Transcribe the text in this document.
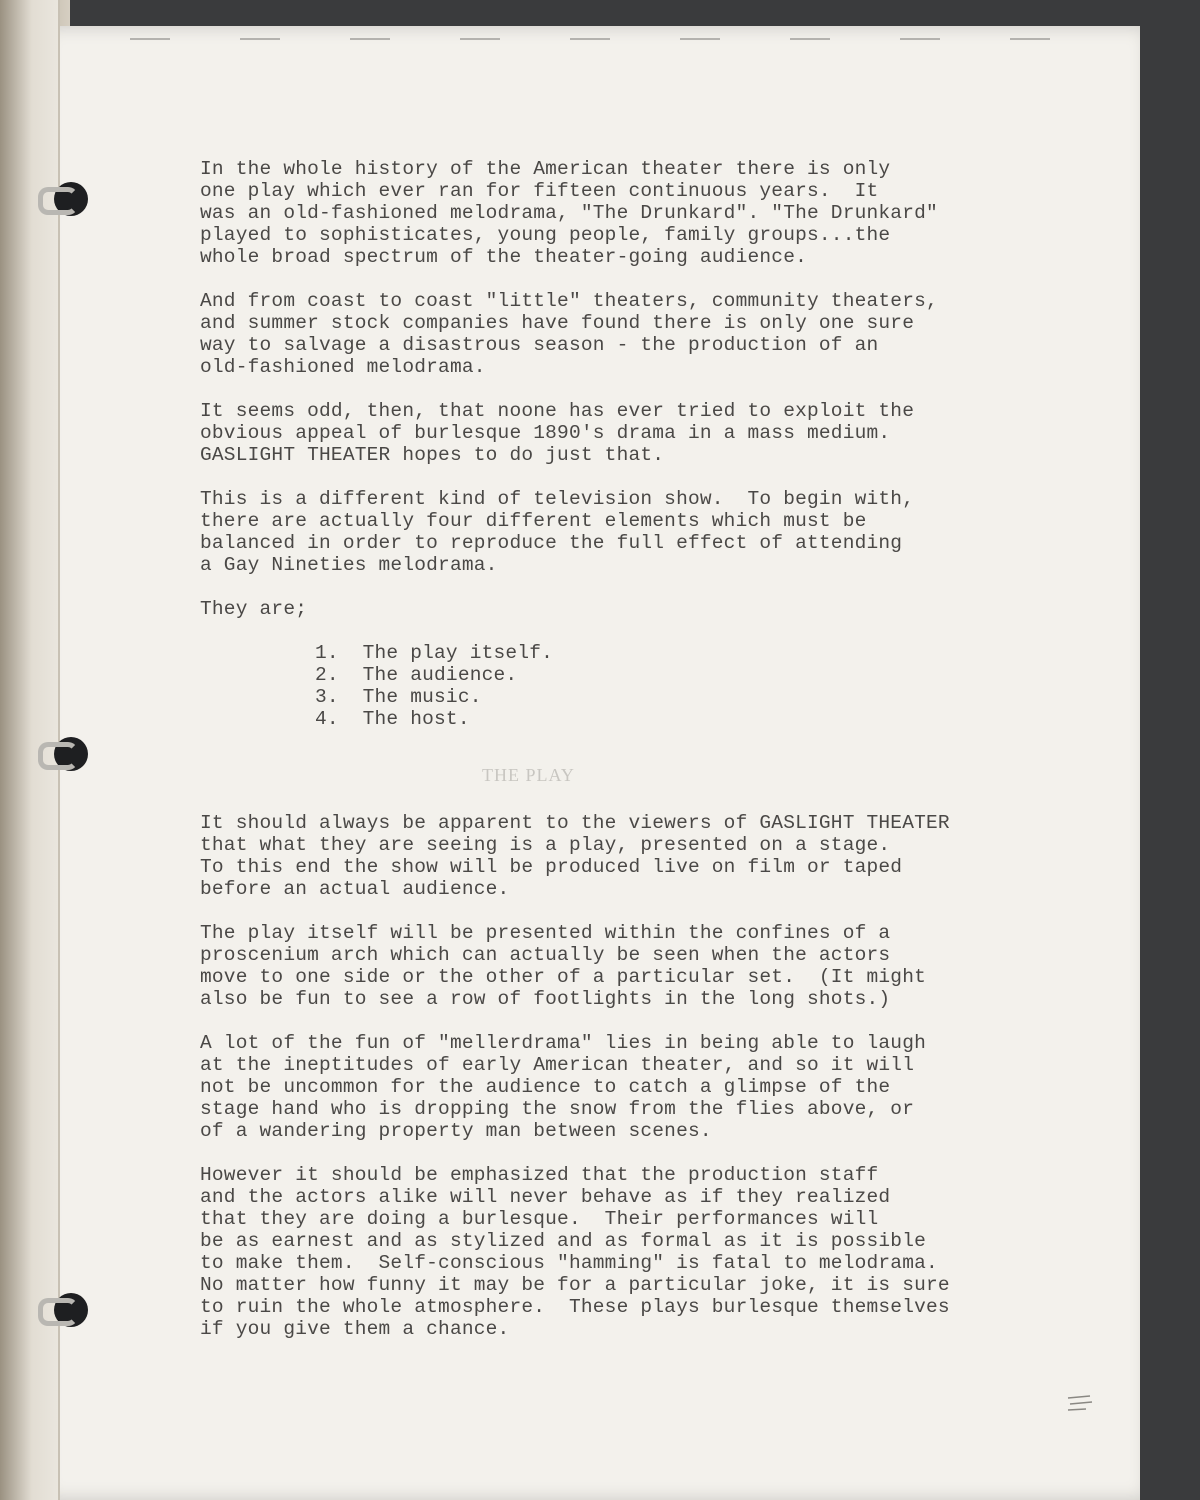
In the whole history of the American theater there is only
one play which ever ran for fifteen continuous years.  It
was an old-fashioned melodrama, "The Drunkard". "The Drunkard"
played to sophisticates, young people, family groups...the
whole broad spectrum of the theater-going audience.
And from coast to coast "little" theaters, community theaters,
and summer stock companies have found there is only one sure
way to salvage a disastrous season - the production of an
old-fashioned melodrama.
It seems odd, then, that noone has ever tried to exploit the
obvious appeal of burlesque 1890's drama in a mass medium.
GASLIGHT THEATER hopes to do just that.
This is a different kind of television show.  To begin with,
there are actually four different elements which must be
balanced in order to reproduce the full effect of attending
a Gay Nineties melodrama.
They are;
1.  The play itself.
2.  The audience.
3.  The music.
4.  The host.
THE PLAY
It should always be apparent to the viewers of GASLIGHT THEATER
that what they are seeing is a play, presented on a stage.
To this end the show will be produced live on film or taped
before an actual audience.
The play itself will be presented within the confines of a
proscenium arch which can actually be seen when the actors
move to one side or the other of a particular set.  (It might
also be fun to see a row of footlights in the long shots.)
A lot of the fun of "mellerdrama" lies in being able to laugh
at the ineptitudes of early American theater, and so it will
not be uncommon for the audience to catch a glimpse of the
stage hand who is dropping the snow from the flies above, or
of a wandering property man between scenes.
However it should be emphasized that the production staff
and the actors alike will never behave as if they realized
that they are doing a burlesque.  Their performances will
be as earnest and as stylized and as formal as it is possible
to make them.  Self-conscious "hamming" is fatal to melodrama.
No matter how funny it may be for a particular joke, it is sure
to ruin the whole atmosphere.  These plays burlesque themselves
if you give them a chance.
